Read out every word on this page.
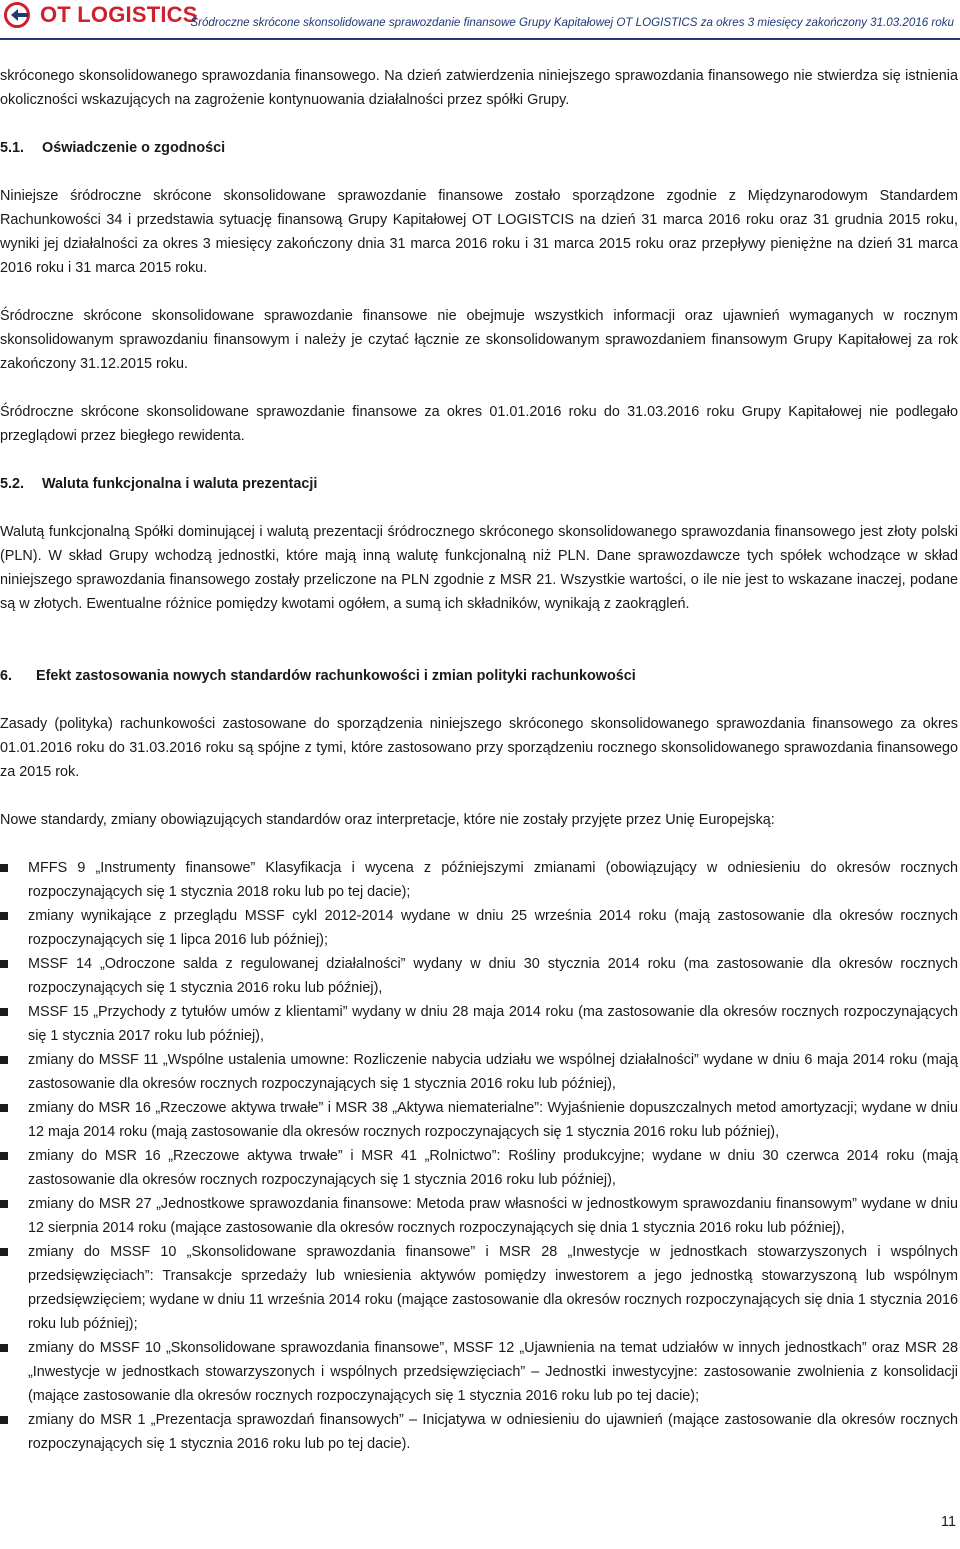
OT LOGISTICS
Śródroczne skrócone skonsolidowane sprawozdanie finansowe Grupy Kapitałowej OT LOGISTICS za okres 3 miesięcy zakończony 31.03.2016 roku

skróconego skonsolidowanego sprawozdania finansowego. Na dzień zatwierdzenia niniejszego sprawozdania finansowego nie stwierdza się istnienia okoliczności wskazujących na zagrożenie kontynuowania działalności przez spółki Grupy.

5.1. Oświadczenie o zgodności

Niniejsze śródroczne skrócone skonsolidowane sprawozdanie finansowe zostało sporządzone zgodnie z Międzynarodowym Standardem Rachunkowości 34 i przedstawia sytuację finansową Grupy Kapitałowej OT LOGISTCIS na dzień 31 marca 2016 roku oraz 31 grudnia 2015 roku, wyniki jej działalności za okres 3 miesięcy zakończony dnia 31 marca 2016 roku i 31 marca 2015 roku oraz przepływy pieniężne na dzień 31 marca 2016 roku i 31 marca 2015 roku.

Śródroczne skrócone skonsolidowane sprawozdanie finansowe nie obejmuje wszystkich informacji oraz ujawnień wymaganych w rocznym skonsolidowanym sprawozdaniu finansowym i należy je czytać łącznie ze skonsolidowanym sprawozdaniem finansowym Grupy Kapitałowej za rok zakończony 31.12.2015 roku.

Śródroczne skrócone skonsolidowane sprawozdanie finansowe za okres 01.01.2016 roku do 31.03.2016 roku Grupy Kapitałowej nie podlegało przeglądowi przez biegłego rewidenta.

5.2. Waluta funkcjonalna i waluta prezentacji

Walutą funkcjonalną Spółki dominującej i walutą prezentacji śródrocznego skróconego skonsolidowanego sprawozdania finansowego jest złoty polski (PLN). W skład Grupy wchodzą jednostki, które mają inną walutę funkcjonalną niż PLN. Dane sprawozdawcze tych spółek wchodzące w skład niniejszego sprawozdania finansowego zostały przeliczone na PLN zgodnie z MSR 21. Wszystkie wartości, o ile nie jest to wskazane inaczej, podane są w złotych. Ewentualne różnice pomiędzy kwotami ogółem, a sumą ich składników, wynikają z zaokrągleń.

6. Efekt zastosowania nowych standardów rachunkowości i zmian polityki rachunkowości

Zasady (polityka) rachunkowości zastosowane do sporządzenia niniejszego skróconego skonsolidowanego sprawozdania finansowego za okres 01.01.2016 roku do 31.03.2016 roku są spójne z tymi, które zastosowano przy sporządzeniu rocznego skonsolidowanego sprawozdania finansowego za 2015 rok.

Nowe standardy, zmiany obowiązujących standardów oraz interpretacje, które nie zostały przyjęte przez Unię Europejską:

MFFS 9 „Instrumenty finansowe” Klasyfikacja i wycena z późniejszymi zmianami (obowiązujący w odniesieniu do okresów rocznych rozpoczynających się 1 stycznia 2018 roku lub po tej dacie);
zmiany wynikające z przeglądu MSSF cykl 2012-2014 wydane w dniu 25 września 2014 roku (mają zastosowanie dla okresów rocznych rozpoczynających się 1 lipca 2016 lub później);
MSSF 14 „Odroczone salda z regulowanej działalności” wydany w dniu 30 stycznia 2014 roku (ma zastosowanie dla okresów rocznych rozpoczynających się 1 stycznia 2016 roku lub później),
MSSF 15 „Przychody z tytułów umów z klientami” wydany w dniu 28 maja 2014 roku (ma zastosowanie dla okresów rocznych rozpoczynających się 1 stycznia 2017 roku lub później),
zmiany do MSSF 11 „Wspólne ustalenia umowne: Rozliczenie nabycia udziału we wspólnej działalności” wydane w dniu 6 maja 2014 roku (mają zastosowanie dla okresów rocznych rozpoczynających się 1 stycznia 2016 roku lub później),
zmiany do MSR 16 „Rzeczowe aktywa trwałe” i MSR 38 „Aktywa niematerialne”: Wyjaśnienie dopuszczalnych metod amortyzacji; wydane w dniu 12 maja 2014 roku (mają zastosowanie dla okresów rocznych rozpoczynających się 1 stycznia 2016 roku lub później),
zmiany do MSR 16 „Rzeczowe aktywa trwałe” i MSR 41 „Rolnictwo”: Rośliny produkcyjne; wydane w dniu 30 czerwca 2014 roku (mają zastosowanie dla okresów rocznych rozpoczynających się 1 stycznia 2016 roku lub później),
zmiany do MSR 27 „Jednostkowe sprawozdania finansowe: Metoda praw własności w jednostkowym sprawozdaniu finansowym” wydane w dniu 12 sierpnia 2014 roku (mające zastosowanie dla okresów rocznych rozpoczynających się dnia 1 stycznia 2016 roku lub później),
zmiany do MSSF 10 „Skonsolidowane sprawozdania finansowe” i MSR 28 „Inwestycje w jednostkach stowarzyszonych i wspólnych przedsięwzięciach”: Transakcje sprzedaży lub wniesienia aktywów pomiędzy inwestorem a jego jednostką stowarzyszoną lub wspólnym przedsięwzięciem; wydane w dniu 11 września 2014 roku (mające zastosowanie dla okresów rocznych rozpoczynających się dnia 1 stycznia 2016 roku lub później);
zmiany do MSSF 10 „Skonsolidowane sprawozdania finansowe”, MSSF 12 „Ujawnienia na temat udziałów w innych jednostkach” oraz MSR 28 „Inwestycje w jednostkach stowarzyszonych i wspólnych przedsięwzięciach” – Jednostki inwestycyjne: zastosowanie zwolnienia z konsolidacji (mające zastosowanie dla okresów rocznych rozpoczynających się 1 stycznia 2016 roku lub po tej dacie);
zmiany do MSR 1 „Prezentacja sprawozdań finansowych” – Inicjatywa w odniesieniu do ujawnień (mające zastosowanie dla okresów rocznych rozpoczynających się 1 stycznia 2016 roku lub po tej dacie).
11
